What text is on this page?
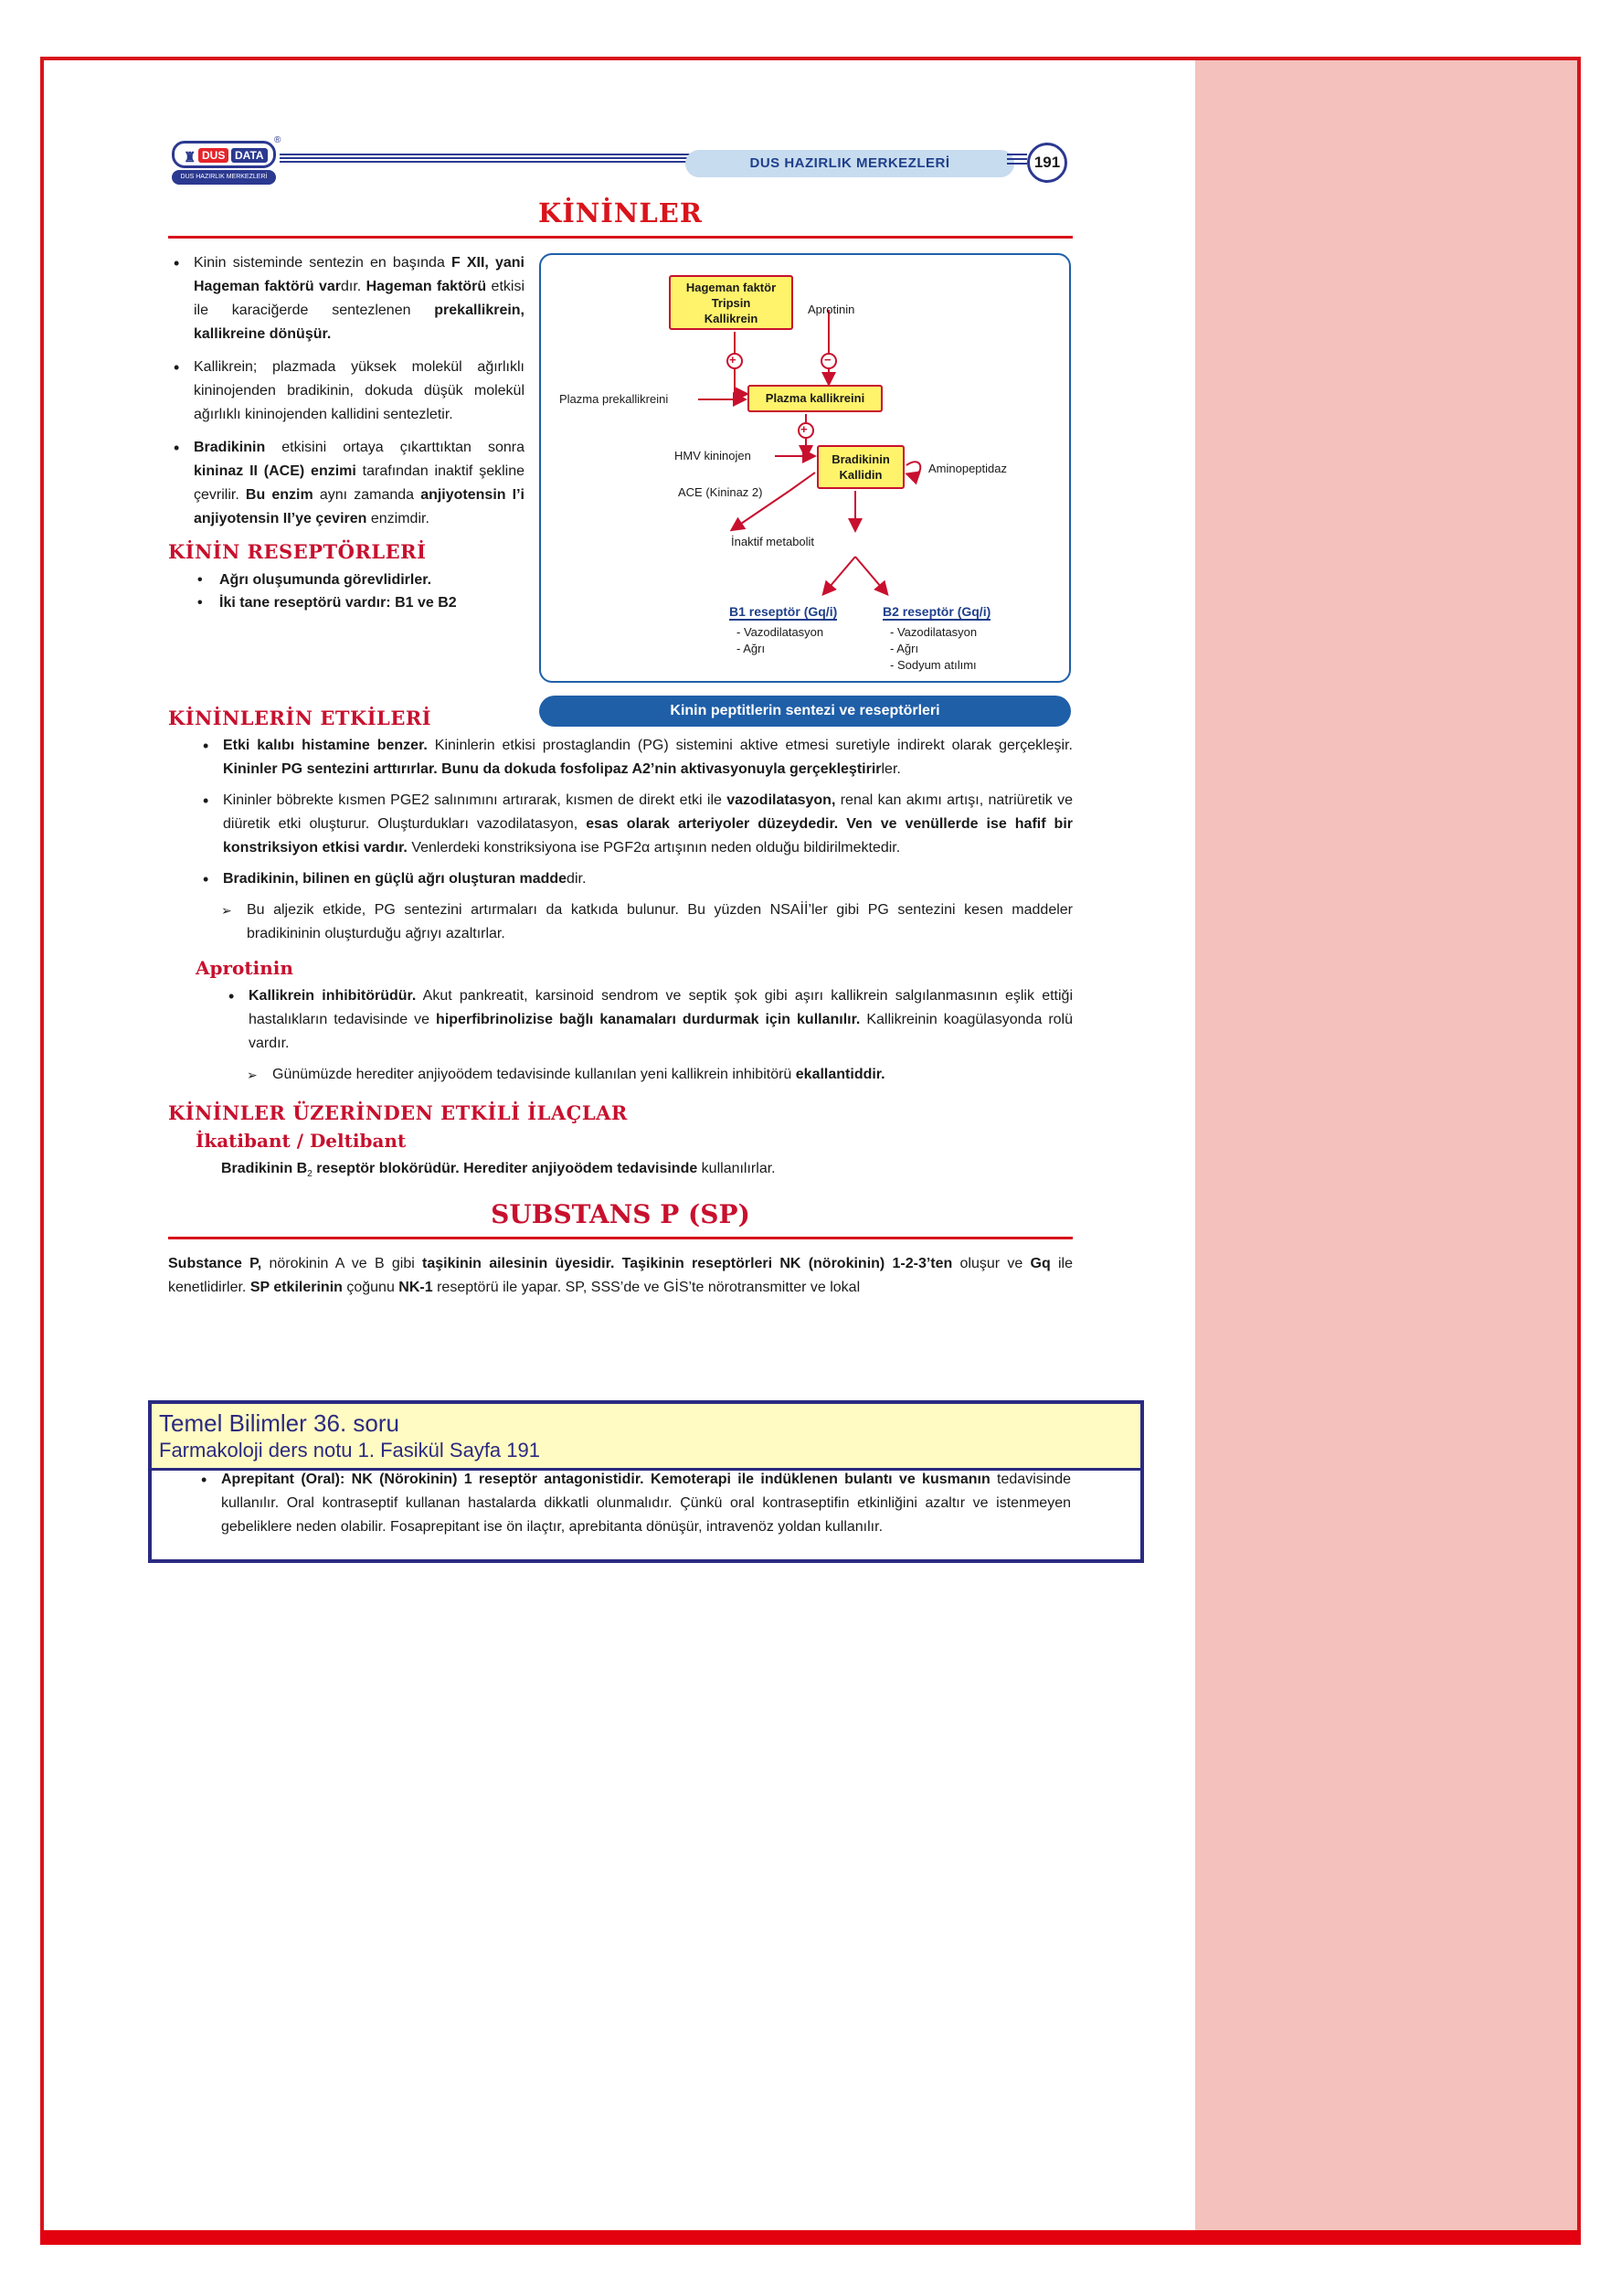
♜ DUS DATA
®
DUS HAZIRLIK MERKEZLERİ
DUS HAZIRLIK MERKEZLERİ	191
KİNİNLER
• Kinin sisteminde sentezin en başında F XII, yani Hageman faktörü vardır. Hageman faktörü etkisi ile karaciğerde sentezlenen prekallikrein, kallikreine dönüşür.
• Kallikrein; plazmada yüksek molekül ağırlıklı kininojenden bradikinin, dokuda düşük molekül ağırlıklı kininojenden kallidini sentezletir.
• Bradikinin etkisini ortaya çıkarttıktan sonra kininaz II (ACE) enzimi tarafından inaktif şekline çevrilir. Bu enzim aynı zamanda anjiyotensin I’i anjiyotensin II’ye çeviren enzimdir.
KİNİN RESEPTÖRLERİ
• Ağrı oluşumunda görevlidirler.
• İki tane reseptörü vardır: B1 ve B2
+	−
+
Hageman faktör
Tripsin
Kallikrein
Aprotinin
Plazma prekallikreini	Plazma kallikreini
HMV kininojen	Bradikinin
Kallidin	Aminopeptidaz
ACE (Kininaz 2)
İnaktif metabolit
B1 reseptör (Gq/i)
- Vazodilatasyon
- Ağrı
B2 reseptör (Gq/i)
- Vazodilatasyon
- Ağrı
- Sodyum atılımı
Kinin peptitlerin sentezi ve reseptörleri
KİNİNLERİN ETKİLERİ
• Etki kalıbı histamine benzer. Kininlerin etkisi prostaglandin (PG) sistemini aktive etmesi suretiyle indirekt olarak gerçekleşir. Kininler PG sentezini arttırırlar. Bunu da dokuda fosfolipaz A2’nin aktivasyonuyla gerçekleştirirler.
• Kininler böbrekte kısmen PGE2 salınımını artırarak, kısmen de direkt etki ile vazodilatasyon, renal kan akımı artışı, natriüretik ve diüretik etki oluşturur. Oluşturdukları vazodilatasyon, esas olarak arteriyoler düzeydedir. Ven ve venüllerde ise hafif bir konstriksiyon etkisi vardır. Venlerdeki konstriksiyona ise PGF2α artışının neden olduğu bildirilmektedir.
• Bradikinin, bilinen en güçlü ağrı oluşturan maddedir.
➢ Bu aljezik etkide, PG sentezini artırmaları da katkıda bulunur. Bu yüzden NSAİİ’ler gibi PG sentezini kesen maddeler bradikininin oluşturduğu ağrıyı azaltırlar.
Aprotinin
• Kallikrein inhibitörüdür. Akut pankreatit, karsinoid sendrom ve septik şok gibi aşırı kallikrein salgılanmasının eşlik ettiği hastalıkların tedavisinde ve hiperfibrinolizise bağlı kanamaları durdurmak için kullanılır. Kallikreinin koagülasyonda rolü vardır.
➢ Günümüzde herediter anjiyoödem tedavisinde kullanılan yeni kallikrein inhibitörü ekallantiddir.
KİNİNLER ÜZERİNDEN ETKİLİ İLAÇLAR
İkatibant / Deltibant
Bradikinin $B_2$ reseptör blokörüdür. Herediter anjiyoödem tedavisinde kullanılırlar.
SUBSTANS P (SP)
Substance P, nörokinin A ve B gibi taşikinin ailesinin üyesidir. Taşikinin reseptörleri NK (nörokinin) 1-2-3’ten oluşur ve Gq ile kenetlidirler. SP etkilerinin çoğunu NK-1 reseptörü ile yapar. SP, SSS’de ve GİS’te nörotransmitter ve lokal
Temel Bilimler 36. soru
Farmakoloji ders notu 1. Fasikül Sayfa 191
• Aprepitant (Oral): NK (Nörokinin) 1 reseptör antagonistidir. Kemoterapi ile indüklenen bulantı ve kusmanın tedavisinde kullanılır. Oral kontraseptif kullanan hastalarda dikkatli olunmalıdır. Çünkü oral kontraseptifin etkinliğini azaltır ve istenmeyen gebeliklere neden olabilir. Fosaprepitant ise ön ilaçtır, aprebitanta dönüşür, intravenöz yoldan kullanılır.
